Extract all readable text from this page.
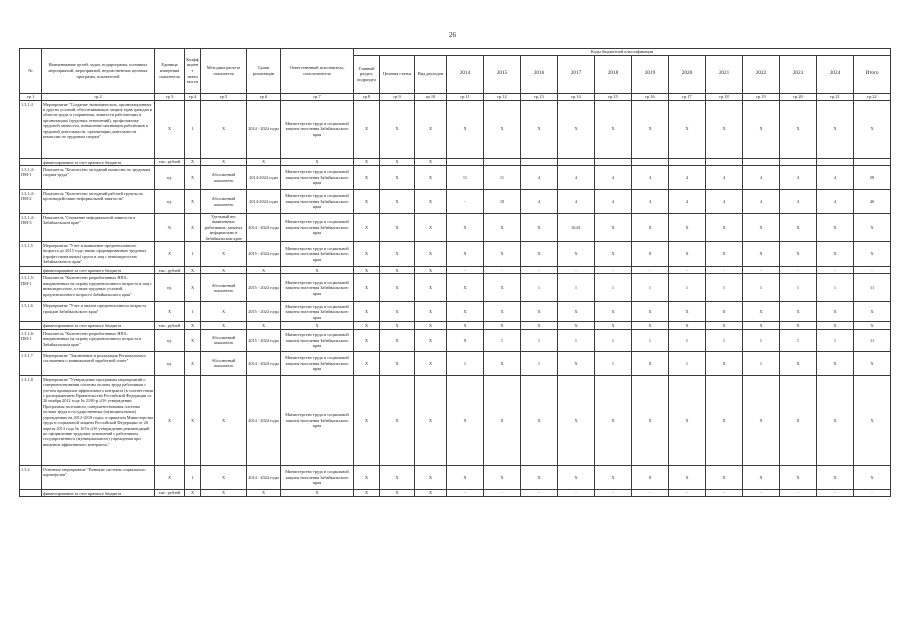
26
№	Наименование целей, задач, подпрограмм, основных мероприятий, мероприятий, ведомственных целевых программ, показателей	Единица измерения показателя	Коэффициент значимости	Методика расчета показателя	Сроки реализации	Ответственный исполнитель, соисполнитель	Коды бюджетной классификации														
							Главный раздел, подраздел	Целевая статья	Вид расходов	2014	2015	2016	2017	2018	2019	2020	2021	2022	2023	2024	Итого
гр.1	гр.2	гр.3	гр.4	гр.5	гр.6	гр.7	гр.8	гр.9	гр.10	гр.11	гр.12	гр.13	гр.14	гр.15	гр.16	гр.17	гр.18	гр.19	гр.20	гр.21	гр.22
1.3.1.4	Мероприятие "Создание экономических, организационных и других условий, обеспечивающих защиту прав граждан в области труда и сохранения, занятости работающих в организациях (трудовых отношений), профилактику трудовой занятости, повышение мотивации работников к трудовой деятельности, организации деятельности комиссии по трудовым спорам"	X	1	X	2014 - 2024 годы	Министерство труда и социальной защиты населения Забайкальского края	X	X	X	X	X	X	X	X	X	X	X	X	X	X	X
	финансирование за счет краевого бюджета	тыс. рублей	X	X	X	X	X	X	X												
1.3.1.4-ПМ-1	Показатель "Количество заседаний комиссии по трудовым спорам труда"	ед.	X	Абсолютный показатель	2014-2024 годы	Министерство труда и социальной защиты населения Забайкальского края	X	X	X	11	11	4	4	4	4	4	4	4	4	4	58
1.3.1.4-ПМ-2	Показатель "Количество заседаний рабочей группы по противодействию неформальной занятости"	ед.	X	Абсолютный показатель	2014-2024 годы	Министерство труда и социальной защиты населения Забайкальского края	X	X	X	-	10	4	4	4	4	4	4	4	4	4	46
1.3.1.4-ПМ-3	Показатель "Снижение неформальной занятости в Забайкальском крае"	%	X	Удельный вес выявленных работников, занятых неформально в Забайкальском крае	2014 - 2024 годы	Министерство труда и социальной защиты населения Забайкальского края	X	X	X	X	X	X	16,61	X	X	X	X	X	X	X	X
1.3.1.5	Мероприятие "Учет и выявление предпенсионного возраста до 2015 года, вновь сформированных трудовых (профессиональных) групп и лиц с инвалидностью Забайкальского края"	X	1	X	2015 - 2024 годы	Министерство труда и социальной защиты населения Забайкальского края	X	X	X	X	X	X	X	X	X	X	X	X	X	X	X
	финансирование за счет краевого бюджета	тыс. рублей	X	X	X	X	X	X	X	-	-	-	-	-	-	-	-	-	-	-	-
1.3.1.5-ПМ-1	Показатель "Количество разработанных НПА, направленных на охрану предпенсионного возраста и лиц с инвалидностью, а также трудовых условий, предпенсионного возраста Забайкальского края"	ед.	X	Абсолютный показатель	2015 - 2024 годы	Министерство труда и социальной защиты населения Забайкальского края	X	X	X	X	X	1	1	1	1	1	1	1	1	1	11
1.3.1.6	Мероприятие "Учет и анализ предпенсионного возраста граждан Забайкальского края"	X	1	X	2015 - 2024 годы	Министерство труда и социальной защиты населения Забайкальского края	X	X	X	X	X	X	X	X	X	X	X	X	X	X	X
	финансирование за счет краевого бюджета	тыс. рублей	X	X	X	X	X	X	X	X	X	X	X	X	X	X	X	X	X	X	X
1.3.1.6-ПМ-1	Показатель "Количество разработанных НПА, направленных на охрану предпенсионного возраста в Забайкальском крае"	ед.	X	Абсолютный показатель	2015 - 2024 годы	Министерство труда и социальной защиты населения Забайкальского края	X	X	X	X	1	1	1	1	1	1	1	1	1	1	11
1.3.1.7	Мероприятие "Заключение и реализация Регионального соглашения о минимальной заработной плате"	ед.	X	Абсолютный показатель	2014 - 2024 годы	Министерство труда и социальной защиты населения Забайкальского края	X	X	X	1	X	1	X	1	X	1	X	1	X	X	X
1.3.1.8	Мероприятие "Утверждение программы мероприятий о совершенствовании системы оплаты труда работников с учетом принципов эффективного контракта (в соответствии с распоряжением Правительства Российской Федерации от 26 ноября 2012 года № 2190-р «Об утверждении Программы поэтапного совершенствования системы оплаты труда в государственных (муниципальных) учреждениях на 2012-2018 годы» и приказом Министерства труда и социальной защиты Российской Федерации от 26 апреля 2013 года № 167н «Об утверждении рекомендаций по оформлению трудовых отношений с работником государственного (муниципального) учреждения при введении эффективного контракта»"	X	X	X	2014 - 2024 годы	Министерство труда и социальной защиты населения Забайкальского края	X	X	X	X	X	X	X	X	X	X	X	X	X	X	X
1.3.2	Основное мероприятие "Развитие системы социального партнерства"	X	1	X	2014 - 2024 годы	Министерство труда и социальной защиты населения Забайкальского края	X	X	X	X	X	X	X	X	X	X	X	X	X	X	X
	финансирование за счет краевого бюджета	тыс. рублей	X	X	X	X	X	X	X	-	-	-	-	-	-	-	-	-	-	-	-
